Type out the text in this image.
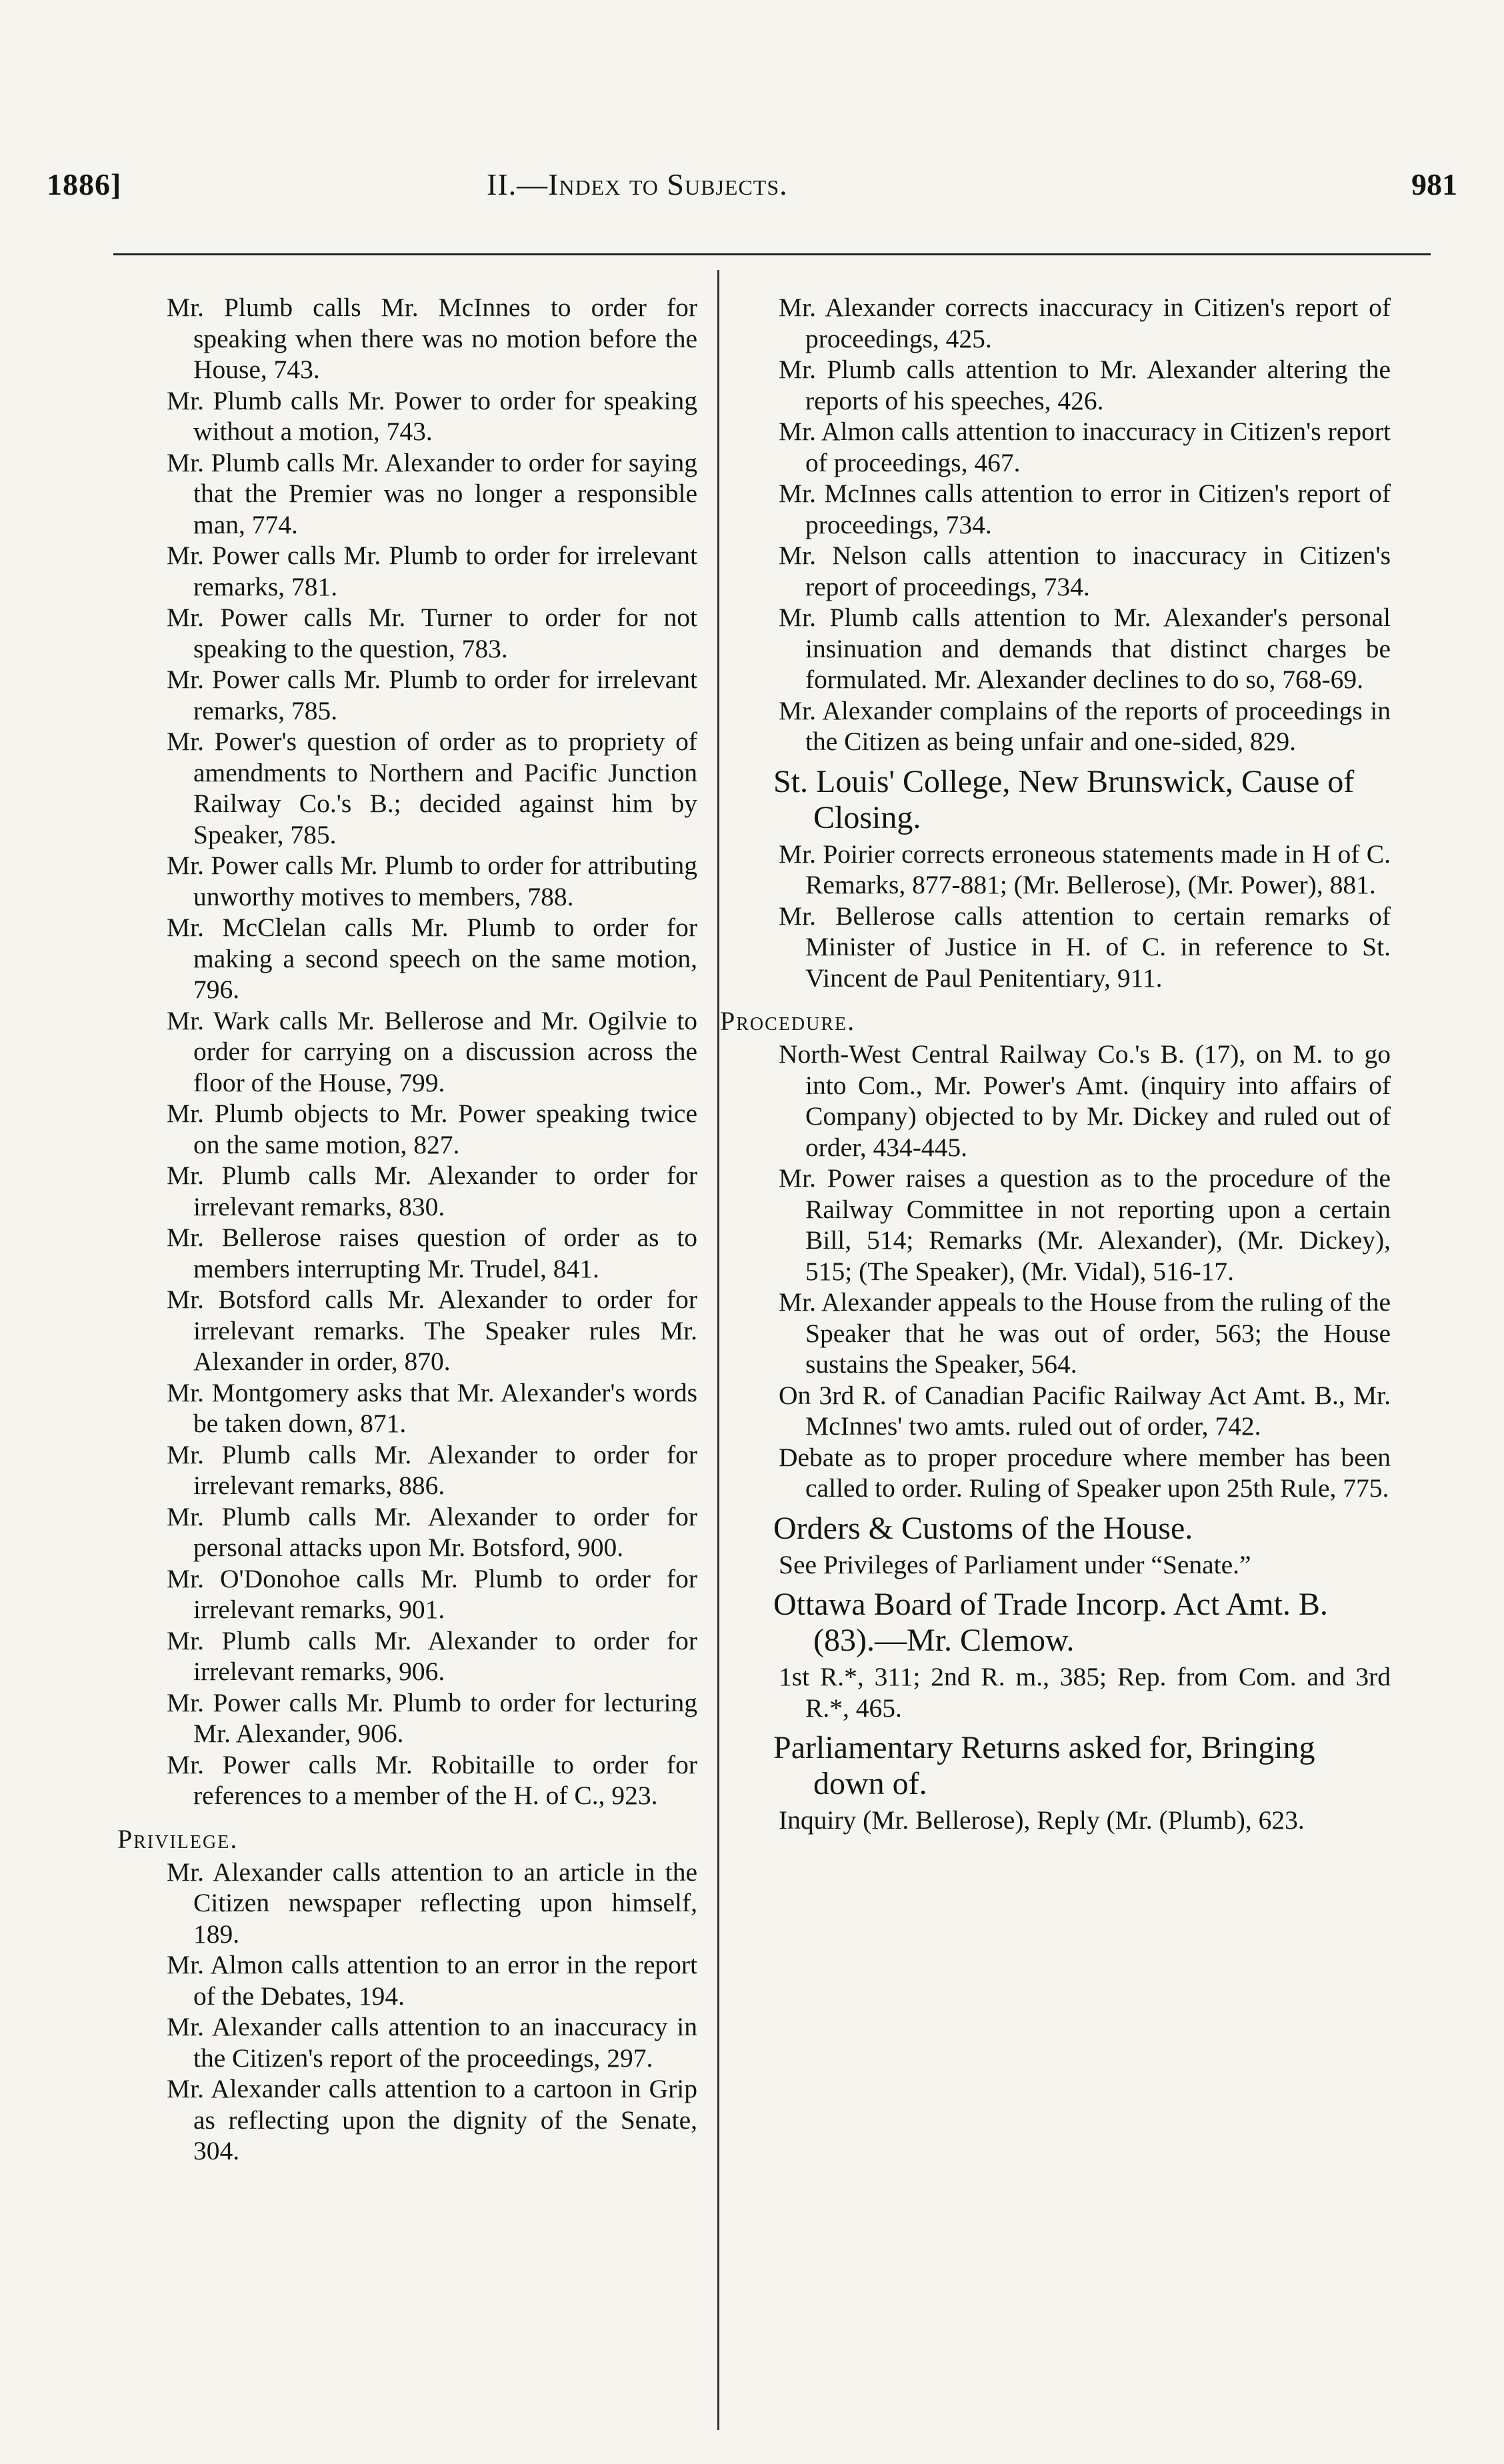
1886]	II.—Index to Subjects.	981

Mr. Plumb calls Mr. McInnes to order for speaking when there was no motion before the House, 743.

Mr. Plumb calls Mr. Power to order for speaking without a motion, 743.

Mr. Plumb calls Mr. Alexander to order for saying that the Premier was no longer a responsible man, 774.

Mr. Power calls Mr. Plumb to order for irrelevant remarks, 781.

Mr. Power calls Mr. Turner to order for not speaking to the question, 783.

Mr. Power calls Mr. Plumb to order for irrelevant remarks, 785.

Mr. Power's question of order as to propriety of amendments to Northern and Pacific Junction Railway Co.'s B.; decided against him by Speaker, 785.

Mr. Power calls Mr. Plumb to order for attributing unworthy motives to members, 788.

Mr. McClelan calls Mr. Plumb to order for making a second speech on the same motion, 796.

Mr. Wark calls Mr. Bellerose and Mr. Ogilvie to order for carrying on a discussion across the floor of the House, 799.

Mr. Plumb objects to Mr. Power speaking twice on the same motion, 827.

Mr. Plumb calls Mr. Alexander to order for irrelevant remarks, 830.

Mr. Bellerose raises question of order as to members interrupting Mr. Trudel, 841.

Mr. Botsford calls Mr. Alexander to order for irrelevant remarks. The Speaker rules Mr. Alexander in order, 870.

Mr. Montgomery asks that Mr. Alexander's words be taken down, 871.

Mr. Plumb calls Mr. Alexander to order for irrelevant remarks, 886.

Mr. Plumb calls Mr. Alexander to order for personal attacks upon Mr. Botsford, 900.

Mr. O'Donohoe calls Mr. Plumb to order for irrelevant remarks, 901.

Mr. Plumb calls Mr. Alexander to order for irrelevant remarks, 906.

Mr. Power calls Mr. Plumb to order for lecturing Mr. Alexander, 906.

Mr. Power calls Mr. Robitaille to order for references to a member of the H. of C., 923.

Privilege.

Mr. Alexander calls attention to an article in the Citizen newspaper reflecting upon himself, 189.

Mr. Almon calls attention to an error in the report of the Debates, 194.

Mr. Alexander calls attention to an inaccuracy in the Citizen's report of the proceedings, 297.

Mr. Alexander calls attention to a cartoon in Grip as reflecting upon the dignity of the Senate, 304.

Mr. Alexander corrects inaccuracy in Citizen's report of proceedings, 425.

Mr. Plumb calls attention to Mr. Alexander altering the reports of his speeches, 426.

Mr. Almon calls attention to inaccuracy in Citizen's report of proceedings, 467.

Mr. McInnes calls attention to error in Citizen's report of proceedings, 734.

Mr. Nelson calls attention to inaccuracy in Citizen's report of proceedings, 734.

Mr. Plumb calls attention to Mr. Alexander's personal insinuation and demands that distinct charges be formulated. Mr. Alexander declines to do so, 768-69.

Mr. Alexander complains of the reports of proceedings in the Citizen as being unfair and one-sided, 829.

St. Louis' College, New Brunswick, Cause of Closing.

Mr. Poirier corrects erroneous statements made in H of C. Remarks, 877-881; (Mr. Bellerose), (Mr. Power), 881.

Mr. Bellerose calls attention to certain remarks of Minister of Justice in H. of C. in reference to St. Vincent de Paul Penitentiary, 911.

Procedure.

North-West Central Railway Co.'s B. (17), on M. to go into Com., Mr. Power's Amt. (inquiry into affairs of Company) objected to by Mr. Dickey and ruled out of order, 434-445.

Mr. Power raises a question as to the procedure of the Railway Committee in not reporting upon a certain Bill, 514; Remarks (Mr. Alexander), (Mr. Dickey), 515; (The Speaker), (Mr. Vidal), 516-17.

Mr. Alexander appeals to the House from the ruling of the Speaker that he was out of order, 563; the House sustains the Speaker, 564.

On 3rd R. of Canadian Pacific Railway Act Amt. B., Mr. McInnes' two amts. ruled out of order, 742.

Debate as to proper procedure where member has been called to order. Ruling of Speaker upon 25th Rule, 775.

Orders & Customs of the House.

See Privileges of Parliament under “Senate.”

Ottawa Board of Trade Incorp. Act Amt. B. (83).—Mr. Clemow.

1st R.*, 311; 2nd R. m., 385; Rep. from Com. and 3rd R.*, 465.

Parliamentary Returns asked for, Bringing down of.

Inquiry (Mr. Bellerose), Reply (Mr. (Plumb), 623.
